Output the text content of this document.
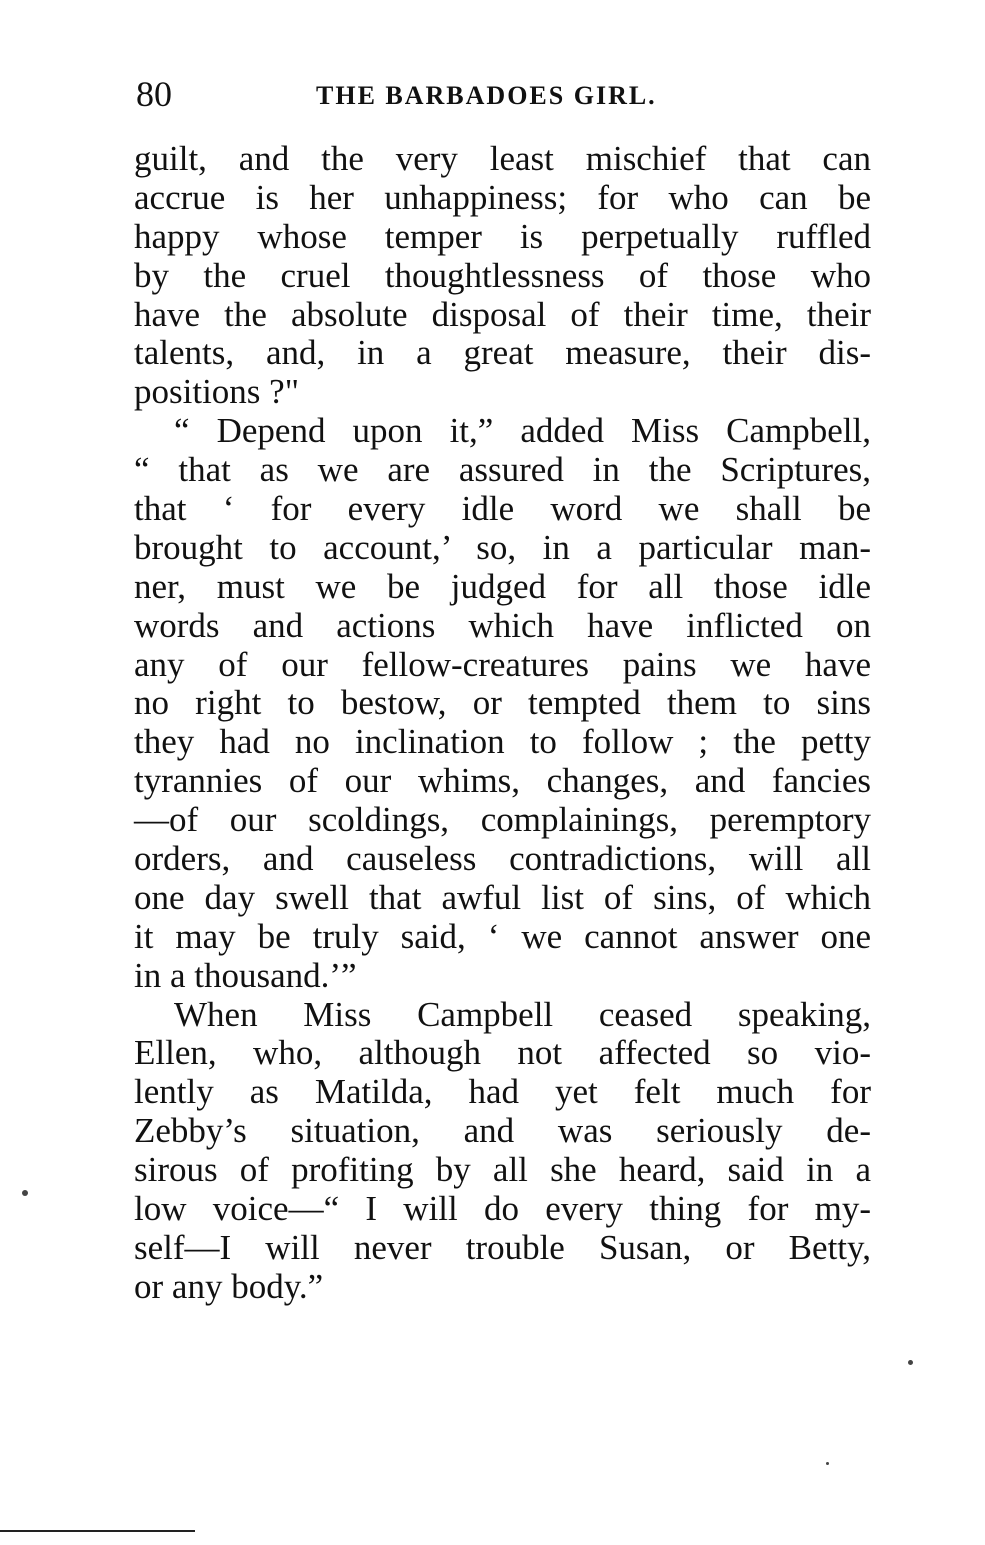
80	THE BARBADOES GIRL.
guilt, and the very least mischief that can
accrue is her unhappiness; for who can be
happy whose temper is perpetually ruffled
by the cruel thoughtlessness of those who
have the absolute disposal of their time, their
talents, and, in a great measure, their dis-
positions ?"
“ Depend upon it,” added Miss Campbell,
“ that as we are assured in the Scriptures,
that ‘ for every idle word we shall be
brought to account,’ so, in a particular man-
ner, must we be judged for all those idle
words and actions which have inflicted on
any of our fellow-creatures pains we have
no right to bestow, or tempted them to sins
they had no inclination to follow ; the petty
tyrannies of our whims, changes, and fancies
—of our scoldings, complainings, peremptory
orders, and causeless contradictions, will all
one day swell that awful list of sins, of which
it may be truly said, ‘ we cannot answer one
in a thousand.’”
When Miss Campbell ceased speaking,
Ellen, who, although not affected so vio-
lently as Matilda, had yet felt much for
Zebby’s situation, and was seriously de-
sirous of profiting by all she heard, said in a
low voice—“ I will do every thing for my-
self—I will never trouble Susan, or Betty,
or any body.”
